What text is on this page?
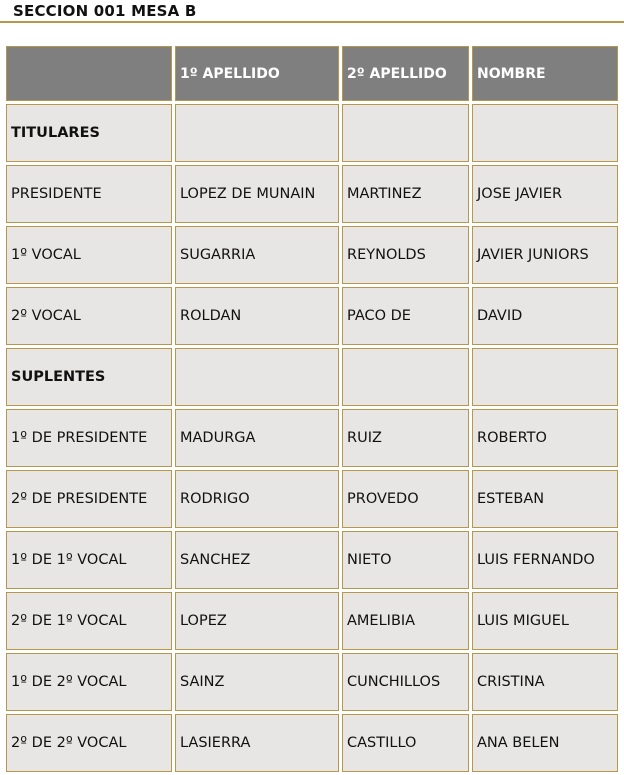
SECCION 001 MESA B
	1º APELLIDO	2º APELLIDO	NOMBRE
TITULARES			
PRESIDENTE	LOPEZ DE MUNAIN	MARTINEZ	JOSE JAVIER
1º VOCAL	SUGARRIA	REYNOLDS	JAVIER JUNIORS
2º VOCAL	ROLDAN	PACO DE	DAVID
SUPLENTES			
1º DE PRESIDENTE	MADURGA	RUIZ	ROBERTO
2º DE PRESIDENTE	RODRIGO	PROVEDO	ESTEBAN
1º DE 1º VOCAL	SANCHEZ	NIETO	LUIS FERNANDO
2º DE 1º VOCAL	LOPEZ	AMELIBIA	LUIS MIGUEL
1º DE 2º VOCAL	SAINZ	CUNCHILLOS	CRISTINA
2º DE 2º VOCAL	LASIERRA	CASTILLO	ANA BELEN
